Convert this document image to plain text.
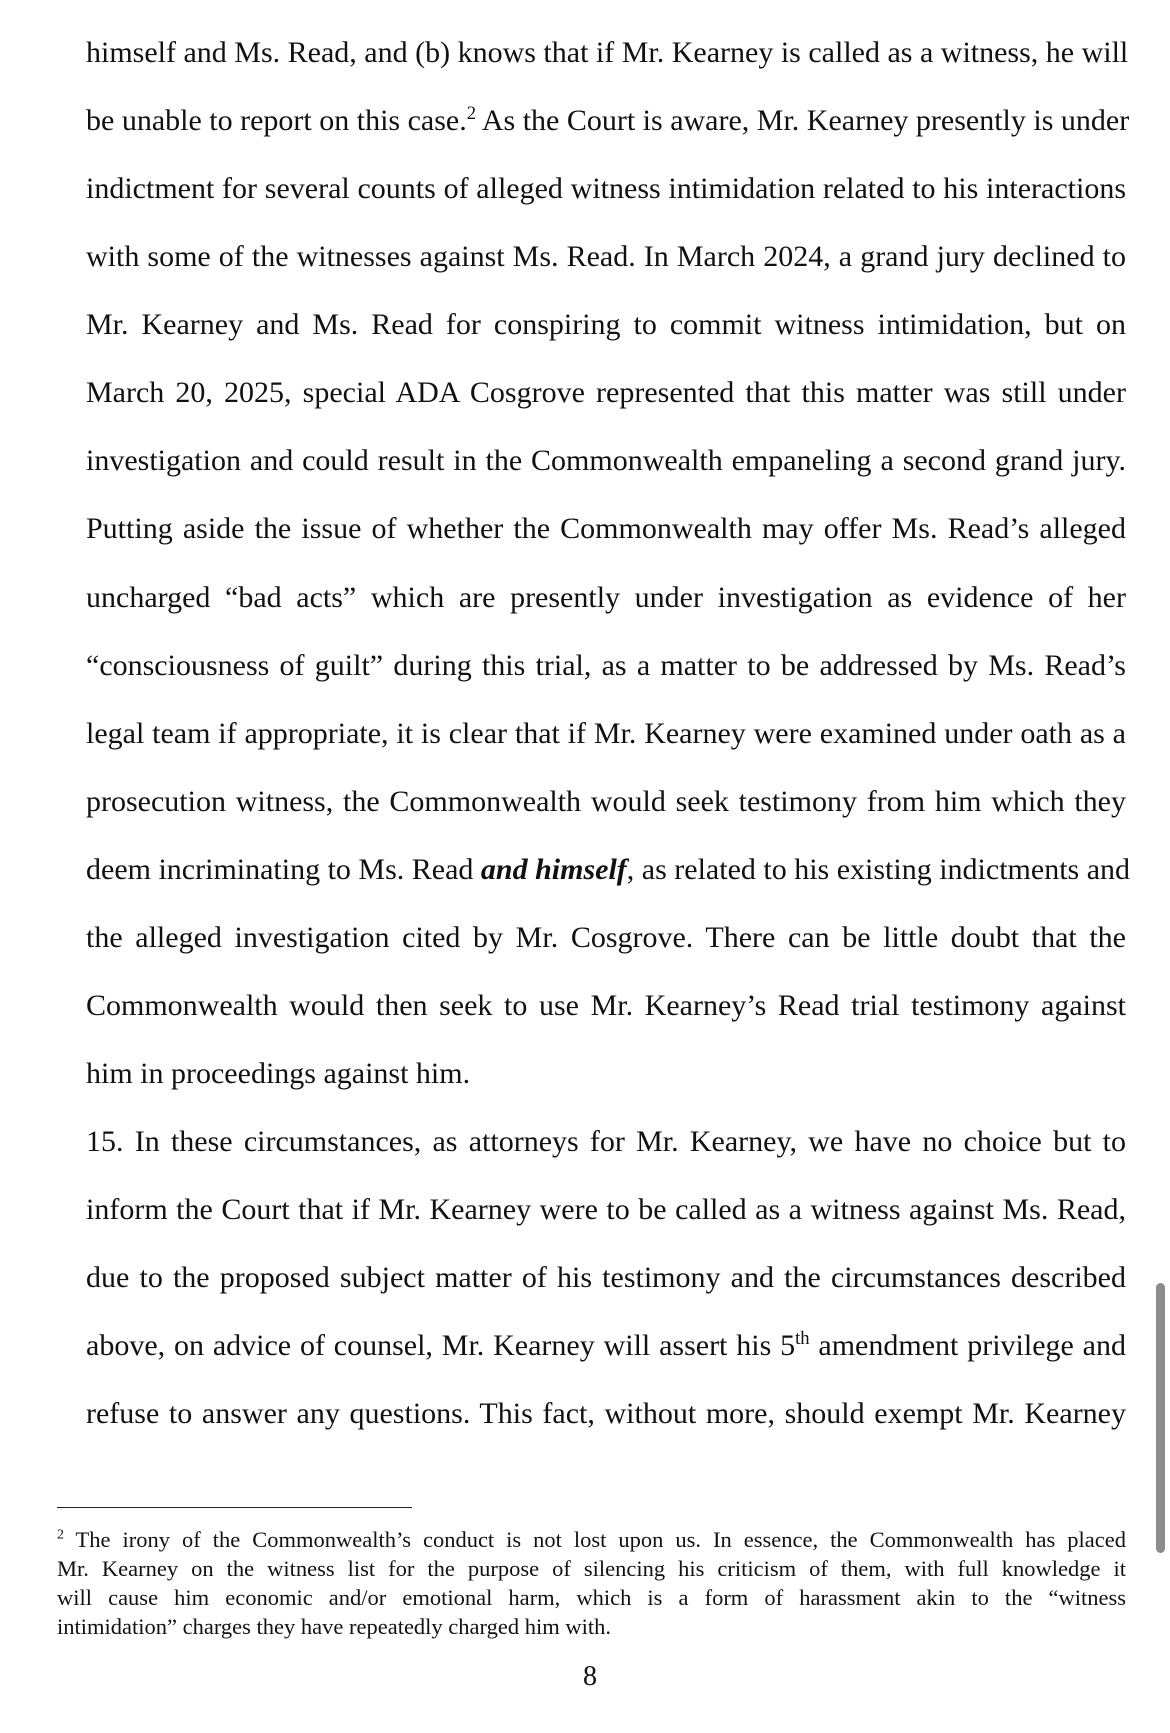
himself and Ms. Read, and (b) knows that if Mr. Kearney is called as a witness, he will
be unable to report on this case.$^2$ As the Court is aware, Mr. Kearney presently is under
indictment for several counts of alleged witness intimidation related to his interactions
with some of the witnesses against Ms. Read. In March 2024, a grand jury declined to
Mr. Kearney and Ms. Read for conspiring to commit witness intimidation, but on
March 20, 2025, special ADA Cosgrove represented that this matter was still under
investigation and could result in the Commonwealth empaneling a second grand jury.
Putting aside the issue of whether the Commonwealth may offer Ms. Read’s alleged
uncharged “bad acts” which are presently under investigation as evidence of her
“consciousness of guilt” during this trial, as a matter to be addressed by Ms. Read’s
legal team if appropriate, it is clear that if Mr. Kearney were examined under oath as a
prosecution witness, the Commonwealth would seek testimony from him which they
deem incriminating to Ms. Read and himself, as related to his existing indictments and
the alleged investigation cited by Mr. Cosgrove. There can be little doubt that the
Commonwealth would then seek to use Mr. Kearney’s Read trial testimony against
him in proceedings against him.
15. In these circumstances, as attorneys for Mr. Kearney, we have no choice but to
inform the Court that if Mr. Kearney were to be called as a witness against Ms. Read,
due to the proposed subject matter of his testimony and the circumstances described
above, on advice of counsel, Mr. Kearney will assert his 5th amendment privilege and
refuse to answer any questions. This fact, without more, should exempt Mr. Kearney
$^2$ The irony of the Commonwealth’s conduct is not lost upon us. In essence, the Commonwealth has placed
Mr. Kearney on the witness list for the purpose of silencing his criticism of them, with full knowledge it
will cause him economic and/or emotional harm, which is a form of harassment akin to the “witness
intimidation” charges they have repeatedly charged him with.
8
